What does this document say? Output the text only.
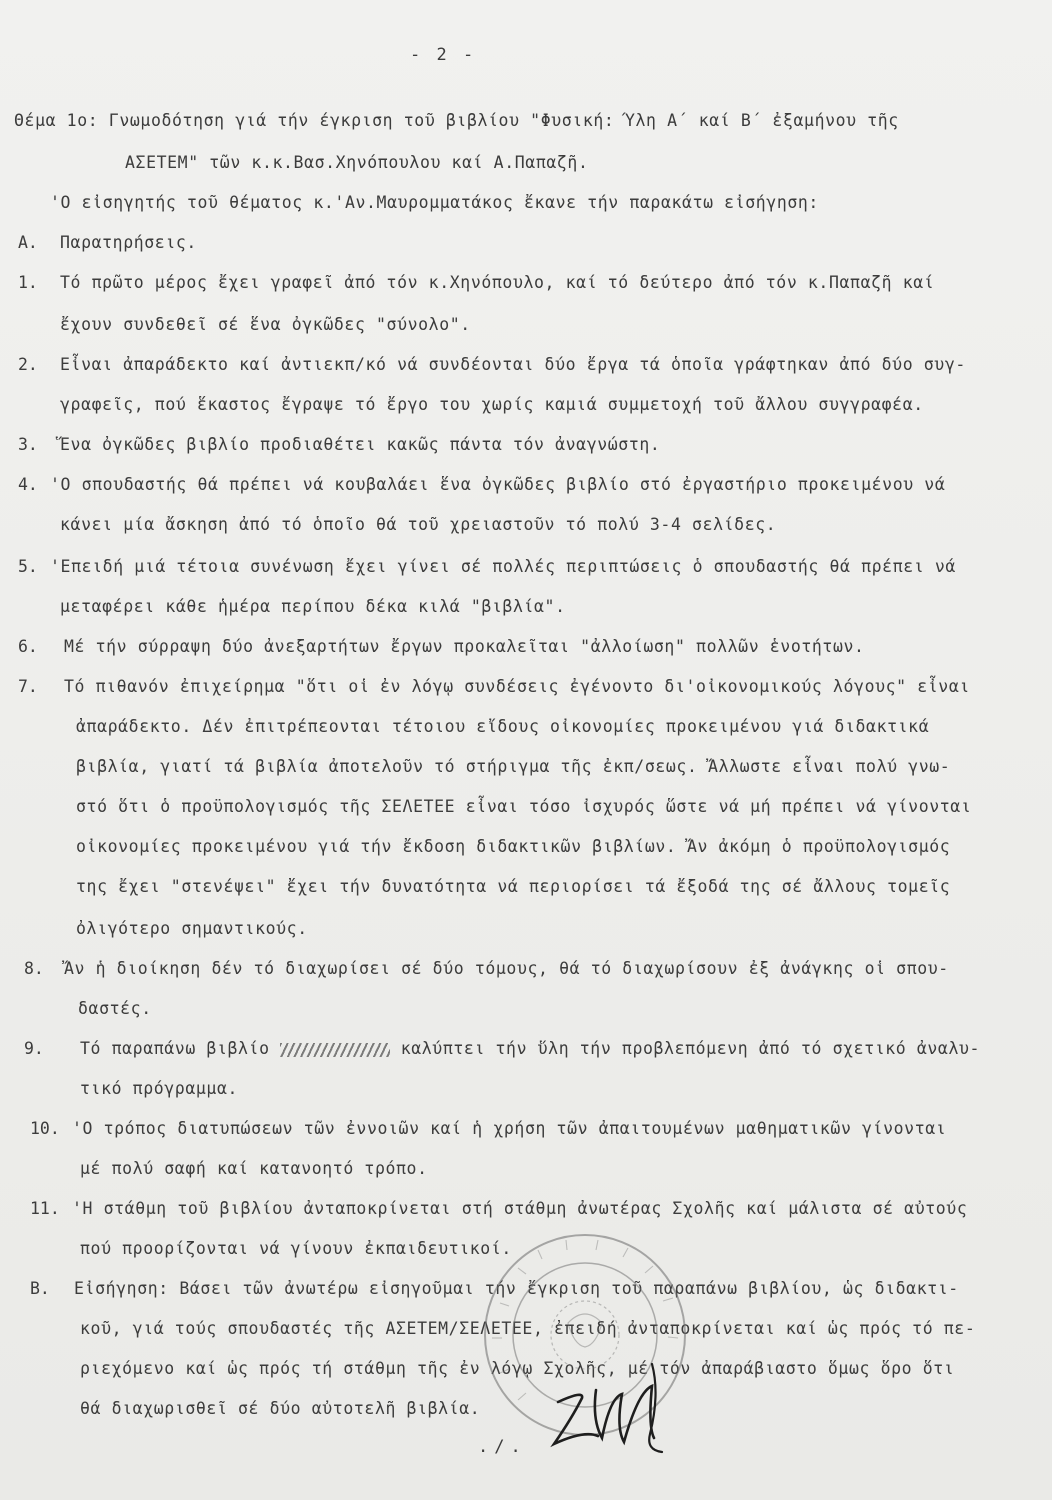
- 2 -
Θέμα 1ο: Γνωμοδότηση γιά τήν έγκριση τοῦ βιβλίου "Φυσική: Ύλη Α΄ καί Β΄ ἐξαμήνου τῆς
ΑΣΕΤΕΜ" τῶν κ.κ.Βασ.Χηνόπουλου καί Α.Παπαζῆ.
'Ο εἰσηγητής τοῦ θέματος κ.'Αν.Μαυρομματάκος ἔκανε τήν παρακάτω εἰσήγηση:
Α. Παρατηρήσεις.
1. Τό πρῶτο μέρος ἔχει γραφεῖ ἀπό τόν κ.Χηνόπουλο, καί τό δεύτερο ἀπό τόν κ.Παπαζῆ καί
ἔχουν συνδεθεῖ σέ ἕνα ὀγκῶδες "σύνολο".
2. Εἶναι ἀπαράδεκτο καί ἀντιεκπ/κό νά συνδέονται δύο ἔργα τά ὁποῖα γράφτηκαν ἀπό δύο συγ-
γραφεῖς, πού ἕκαστος ἔγραψε τό ἔργο του χωρίς καμιά συμμετοχή τοῦ ἄλλου συγγραφέα.
3. Ἕνα ὀγκῶδες βιβλίο προδιαθέτει κακῶς πάντα τόν ἀναγνώστη.
4. 'Ο σπουδαστής θά πρέπει νά κουβαλάει ἕνα ὀγκῶδες βιβλίο στό ἐργαστήριο προκειμένου νά
κάνει μία ἄσκηση ἀπό τό ὁποῖο θά τοῦ χρειαστοῦν τό πολύ 3-4 σελίδες.
5. 'Επειδή μιά τέτοια συνένωση ἔχει γίνει σέ πολλές περιπτώσεις ὁ σπουδαστής θά πρέπει νά
μεταφέρει κάθε ἡμέρα περίπου δέκα κιλά "βιβλία".
6. Μέ τήν σύρραψη δύο ἀνεξαρτήτων ἔργων προκαλεῖται "ἀλλοίωση" πολλῶν ἑνοτήτων.
7. Τό πιθανόν ἐπιχείρημα "ὅτι οἱ ἐν λόγῳ συνδέσεις ἐγένοντο δι'οἰκονομικούς λόγους" εἶναι
ἀπαράδεκτο. Δέν ἐπιτρέπεονται τέτοιου εἴδους οἰκονομίες προκειμένου γιά διδακτικά
βιβλία, γιατί τά βιβλία ἀποτελοῦν τό στήριγμα τῆς ἐκπ/σεως. Ἄλλωστε εἶναι πολύ γνω-
στό ὅτι ὁ προϋπολογισμός τῆς ΣΕΛΕΤΕΕ εἶναι τόσο ἰσχυρός ὥστε νά μή πρέπει νά γίνονται
οἰκονομίες προκειμένου γιά τήν ἔκδοση διδακτικῶν βιβλίων. Ἄν ἀκόμη ὁ προϋπολογισμός
της ἔχει "στενέψει" ἔχει τήν δυνατότητα νά περιορίσει τά ἔξοδά της σέ ἄλλους τομεῖς
ὀλιγότερο σημαντικούς.
8. Ἄν ἡ διοίκηση δέν τό διαχωρίσει σέ δύο τόμους, θά τό διαχωρίσουν ἐξ ἀνάγκης οἱ σπου-
δαστές.
9. Τό παραπάνω βιβλίο	καλύπτει τήν ὕλη τήν προβλεπόμενη ἀπό τό σχετικό ἀναλυ-
τικό πρόγραμμα.
10. 'Ο τρόπος διατυπώσεων τῶν ἐννοιῶν καί ἡ χρήση τῶν ἀπαιτουμένων μαθηματικῶν γίνονται
μέ πολύ σαφή καί κατανοητό τρόπο.
11. 'Η στάθμη τοῦ βιβλίου ἀνταποκρίνεται στή στάθμη ἀνωτέρας Σχολῆς καί μάλιστα σέ αὐτούς
πού προορίζονται νά γίνουν ἐκπαιδευτικοί.
Β. Εἰσήγηση: Βάσει τῶν ἀνωτέρω εἰσηγοῦμαι τήν ἔγκριση τοῦ παραπάνω βιβλίου, ὡς διδακτι-
κοῦ, γιά τούς σπουδαστές τῆς ΑΣΕΤΕΜ/ΣΕΛΕΤΕΕ, ἐπειδή ἀνταποκρίνεται καί ὡς πρός τό πε-
ριεχόμενο καί ὡς πρός τή στάθμη τῆς ἐν λόγῳ Σχολῆς, μέ τόν ἀπαράβιαστο ὅμως ὅρο ὅτι
θά διαχωρισθεῖ σέ δύο αὐτοτελῆ βιβλία.
./.
